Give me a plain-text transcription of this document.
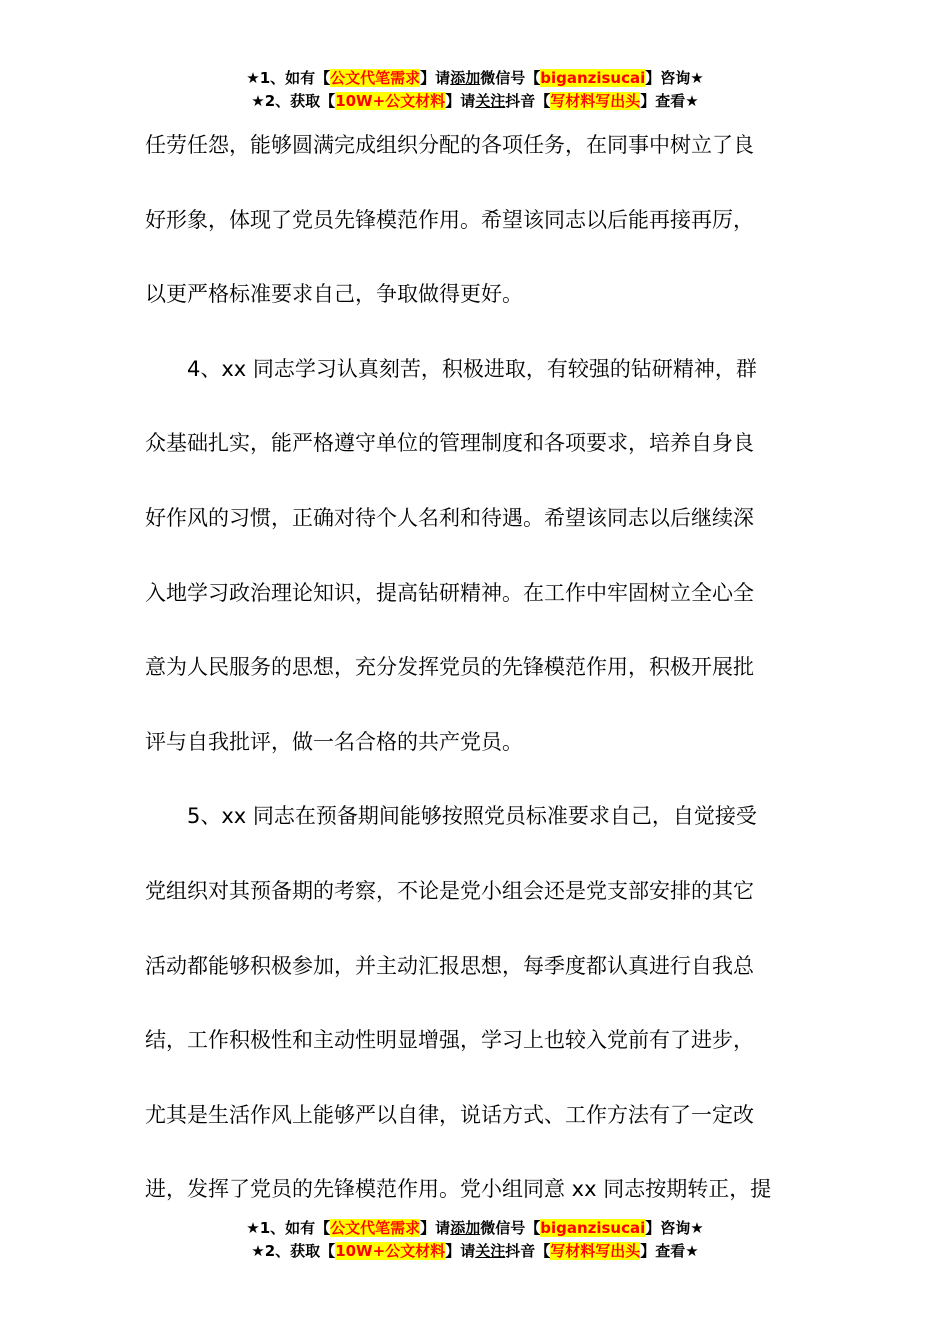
★1、如有【公文代笔需求】请添加微信号【biganzisucai】咨询★
★2、获取【10W+公文材料】请关注抖音【写材料写出头】查看★
任劳任怨，能够圆满完成组织分配的各项任务，在同事中树立了良
好形象，体现了党员先锋模范作用。希望该同志以后能再接再厉，
以更严格标准要求自己，争取做得更好。
4、xx 同志学习认真刻苦，积极进取，有较强的钻研精神，群
众基础扎实，能严格遵守单位的管理制度和各项要求，培养自身良
好作风的习惯，正确对待个人名利和待遇。希望该同志以后继续深
入地学习政治理论知识，提高钻研精神。在工作中牢固树立全心全
意为人民服务的思想，充分发挥党员的先锋模范作用，积极开展批
评与自我批评，做一名合格的共产党员。
5、xx 同志在预备期间能够按照党员标准要求自己，自觉接受
党组织对其预备期的考察，不论是党小组会还是党支部安排的其它
活动都能够积极参加，并主动汇报思想，每季度都认真进行自我总
结，工作积极性和主动性明显增强，学习上也较入党前有了进步，
尤其是生活作风上能够严以自律，说话方式、工作方法有了一定改
进，发挥了党员的先锋模范作用。党小组同意 xx 同志按期转正，提
★1、如有【公文代笔需求】请添加微信号【biganzisucai】咨询★
★2、获取【10W+公文材料】请关注抖音【写材料写出头】查看★
